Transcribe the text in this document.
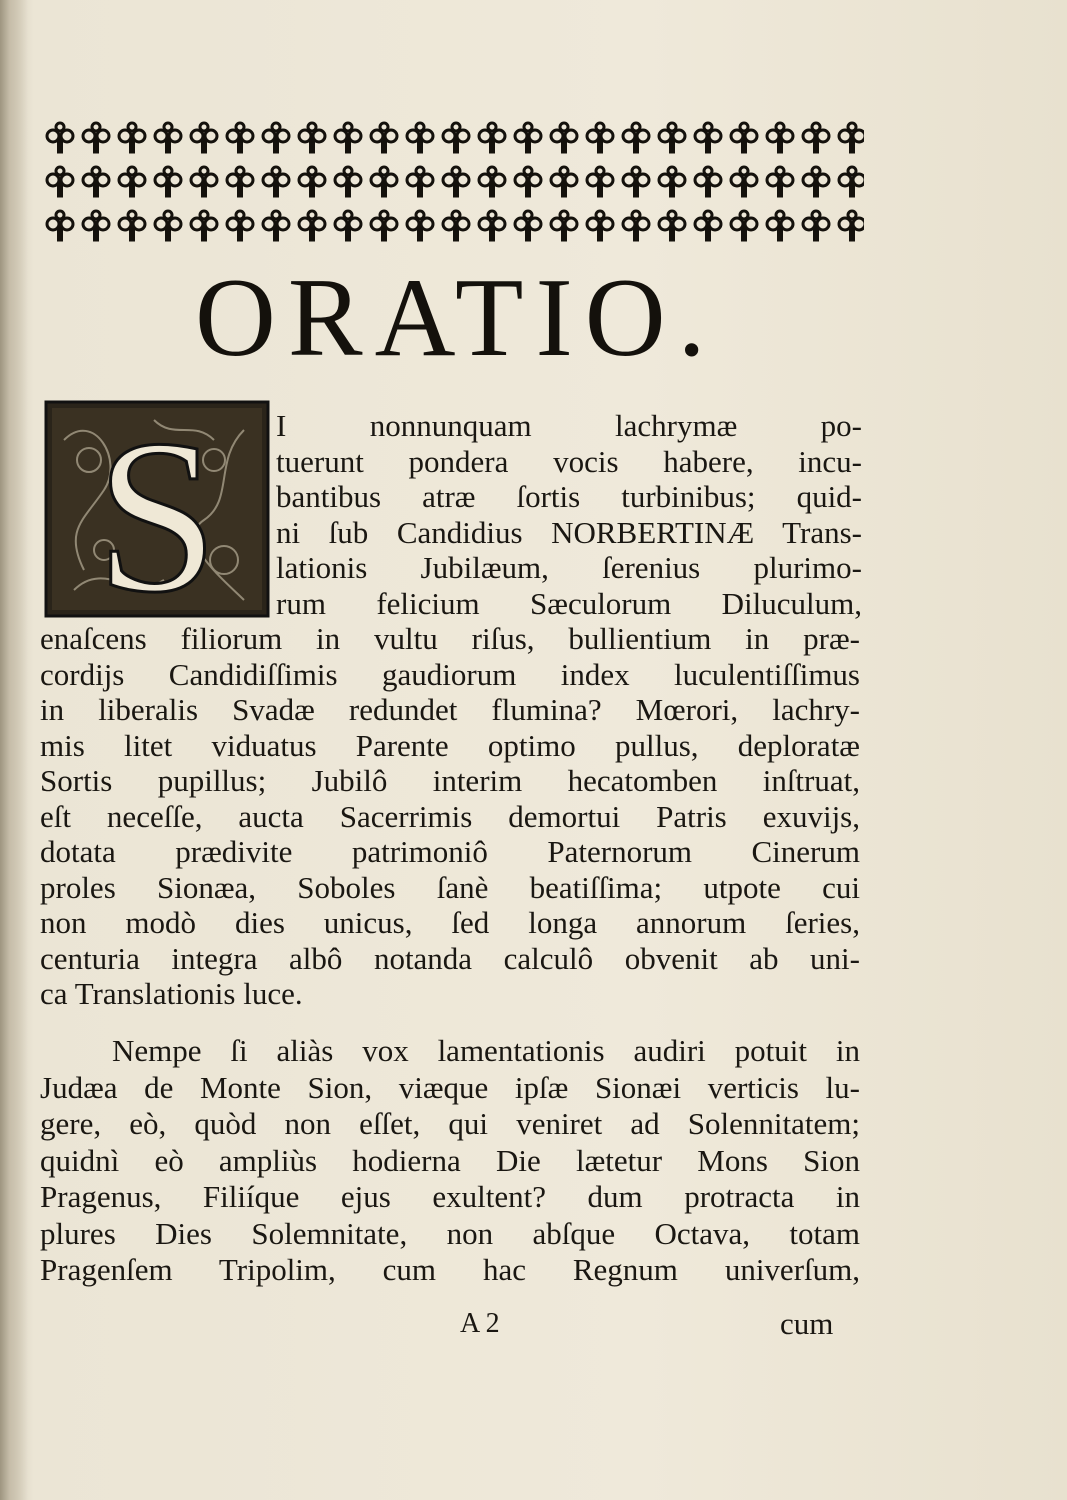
ORATIO.
S I nonnunquam lachrymæ po-
tuerunt pondera vocis habere, incu-
bantibus atræ ſortis turbinibus; quid-
ni ſub Candidius NORBERTINÆ Trans-
lationis Jubilæum, ſerenius plurimo-
rum felicium Sæculorum Diluculum,
enaſcens filiorum in vultu riſus, bullientium in præ-
cordijs Candidiſſimis gaudiorum index luculentiſſimus
in liberalis Svadæ redundet flumina? Mœrori, lachry-
mis litet viduatus Parente optimo pullus, deploratæ
Sortis pupillus; Jubilô interim hecatomben inſtruat,
eſt neceſſe, aucta Sacerrimis demortui Patris exuvijs,
dotata prædivite patrimoniô Paternorum Cinerum
proles Sionæa, Soboles ſanè beatiſſima; utpote cui
non modò dies unicus, ſed longa annorum ſeries,
centuria integra albô notanda calculô obvenit ab uni-
ca Translationis luce.
Nempe ſi aliàs vox lamentationis audiri potuit in
Judæa de Monte Sion, viæque ipſæ Sionæi verticis lu-
gere, eò, quòd non eſſet, qui veniret ad Solennitatem;
quidnì eò ampliùs hodierna Die lætetur Mons Sion
Pragenus, Filiíque ejus exultent? dum protracta in
plures Dies Solemnitate, non abſque Octava, totam
Pragenſem Tripolim, cum hac Regnum univerſum,
A 2	cum
